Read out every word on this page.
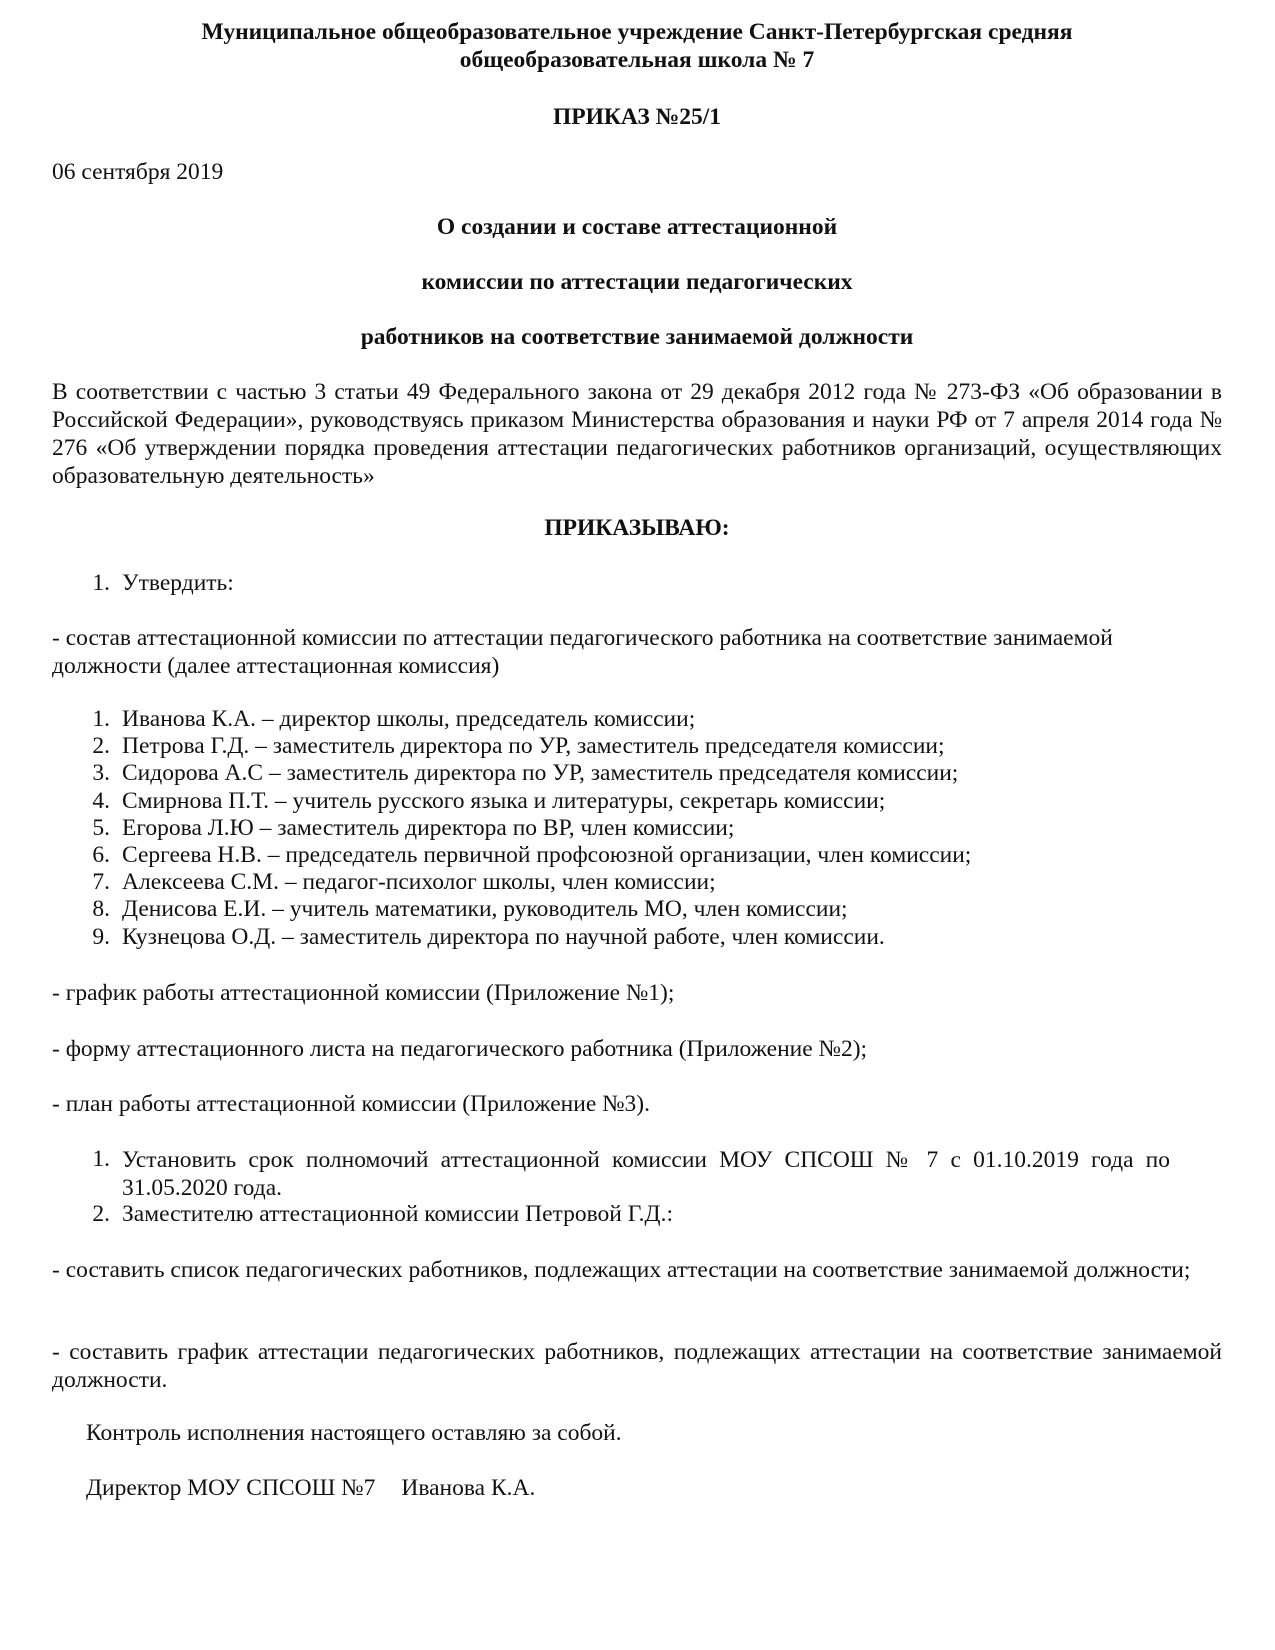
Муниципальное общеобразовательное учреждение Санкт-Петербургская средняя общеобразовательная школа № 7

ПРИКАЗ №25/1

06 сентября 2019

О создании и составе аттестационной

комиссии по аттестации педагогических

работников на соответствие занимаемой должности

В соответствии с частью 3 статьи 49 Федерального закона от 29 декабря 2012 года № 273-ФЗ «Об образовании в Российской Федерации», руководствуясь приказом Министерства образования и науки РФ от 7 апреля 2014 года № 276 «Об утверждении порядка проведения аттестации педагогических работников организаций, осуществляющих образовательную деятельность»

ПРИКАЗЫВАЮ:

1. Утвердить:

- состав аттестационной комиссии по аттестации педагогического работника на соответствие занимаемой должности (далее аттестационная комиссия)

1. Иванова К.А. – директор школы, председатель комиссии;
2. Петрова Г.Д. – заместитель директора по УР, заместитель председателя комиссии;
3. Сидорова А.С – заместитель директора по УР, заместитель председателя комиссии;
4. Смирнова П.Т. – учитель русского языка и литературы, секретарь комиссии;
5. Егорова Л.Ю – заместитель директора по ВР, член комиссии;
6. Сергеева Н.В. – председатель первичной профсоюзной организации, член комиссии;
7. Алексеева С.М. – педагог-психолог школы, член комиссии;
8. Денисова Е.И. – учитель математики, руководитель МО, член комиссии;
9. Кузнецова О.Д. – заместитель директора по научной работе, член комиссии.

- график работы аттестационной комиссии (Приложение №1);

- форму аттестационного листа на педагогического работника (Приложение №2);

- план работы аттестационной комиссии (Приложение №3).

1. Установить срок полномочий аттестационной комиссии МОУ СПСОШ № 7 с 01.10.2019 года по 31.05.2020 года.
2. Заместителю аттестационной комиссии Петровой Г.Д.:

- составить список педагогических работников, подлежащих аттестации на соответствие занимаемой должности;

- составить график аттестации педагогических работников, подлежащих аттестации на соответствие занимаемой должности.

Контроль исполнения настоящего оставляю за собой.

Директор МОУ СПСОШ №7 Иванова К.А.
